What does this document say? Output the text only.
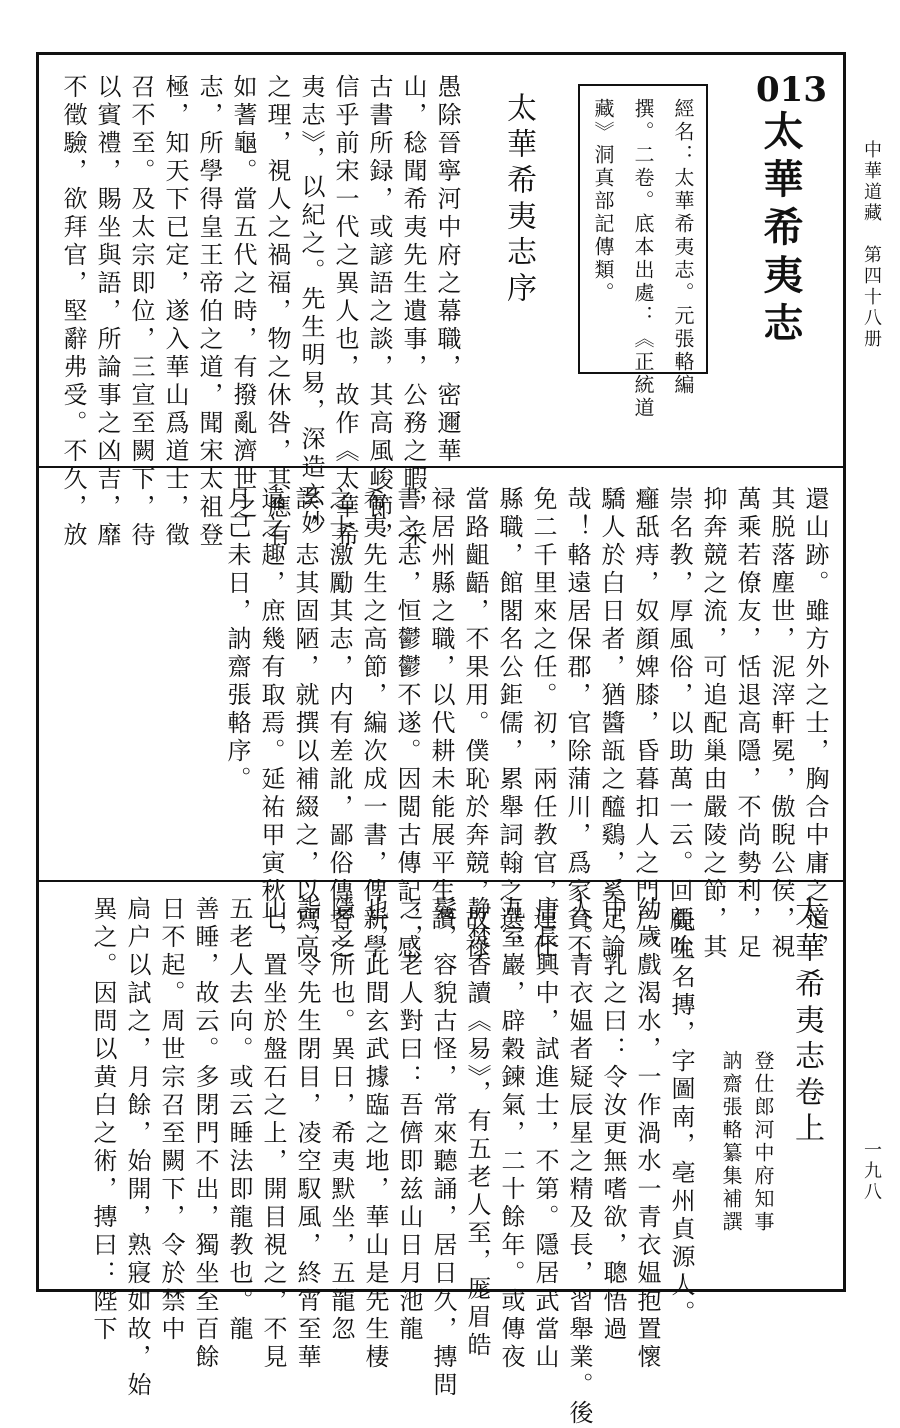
中華道藏　第四十八册

一九八

013

太華希夷志

經名：太華希夷志。元張輅編

撰。二卷。底本出處：《正統道

藏》洞真部記傳類。

太華希夷志序

愚除晉寧河中府之幕職，密邇華

山，稔聞希夷先生遺事，公務之暇，采

古書所録，或諺語之談，其高風峻節，

信乎前宋一代之異人也，故作《太華希

夷志》，以紀之。先生明易，深造玄妙

之理，視人之禍福，物之休咎，其應有

如蓍龜。當五代之時，有撥亂濟世之

志，所學得皇王帝伯之道，聞宋太祖登

極，知天下已定，遂入華山爲道士，徵

召不至。及太宗即位，三宣至闕下，待

以賓禮，賜坐與語，所論事之凶吉，靡

不徵驗，欲拜官，堅辭弗受。不久，放

還山跡。雖方外之士，胸合中庸之道，

其脱落塵世，泥滓軒冕，傲睨公侯，視

萬乘若僚友，恬退高隱，不尚勢利，足

抑奔競之流，可追配巢由嚴陵之節，其

崇名教，厚風俗，以助萬一云。回顧吮

癰舐痔，奴顔婢膝，昏暮扣人之門户，

驕人於白日者，猶醬瓿之醯鷄，奚足論

哉！輅遠居保郡，官除蒲川，爲家貧不

免二千里來之任。初，兩任教官，連仕

縣職，館閣名公鉅儒，累舉詞翰之選，

當路齟齬，不果用。僕恥於奔競，故禄

禄居州縣之職，以代耕未能展平生讀

書之志，恒鬱鬱不遂。因閲古傳記，感

希夷先生之高節，編次成一書，俾新學

之士激勵其志，内有差訛，鄙俗傳者之

誤，志其固陋，就撰以補綴之，以寫高

遠之趣，庶幾有取焉。延祐甲寅秋七

月己未日，訥齋張輅序。

太華希夷志卷上

登仕郎河中府知事

訥齋張輅纂集補譔

先生名摶，字圖南，亳州貞源人。

幼歲戲渴水，一作渦水一青衣媪抱置懷

中，乳之曰：令汝更無嗜欲，聰悟過

人。青衣媪者疑辰星之精及長，習舉業。後

唐長興中，試進士，不第。隱居武當山

九室巖，辟穀鍊氣，二十餘年。或傳夜

静焚香讀《易》，有五老人至，厖眉皓

髮，容貌古怪，常來聽誦，居日久，摶問

之，老人對曰：吾儕即兹山日月池龍

也，此間玄武據臨之地，華山是先生棲

隱之所也。異日，希夷默坐，五龍忽

詣，令先生閉目，凌空馭風，終宵至華

山，置坐於盤石之上，開目視之，不見

五老人去向。或云睡法即龍教也。龍

善睡，故云。多閉門不出，獨坐至百餘

日不起。周世宗召至闕下，令於禁中

扃户以試之，月餘，始開，熟寢如故，始

異之。因問以黄白之術，摶曰：陛下
